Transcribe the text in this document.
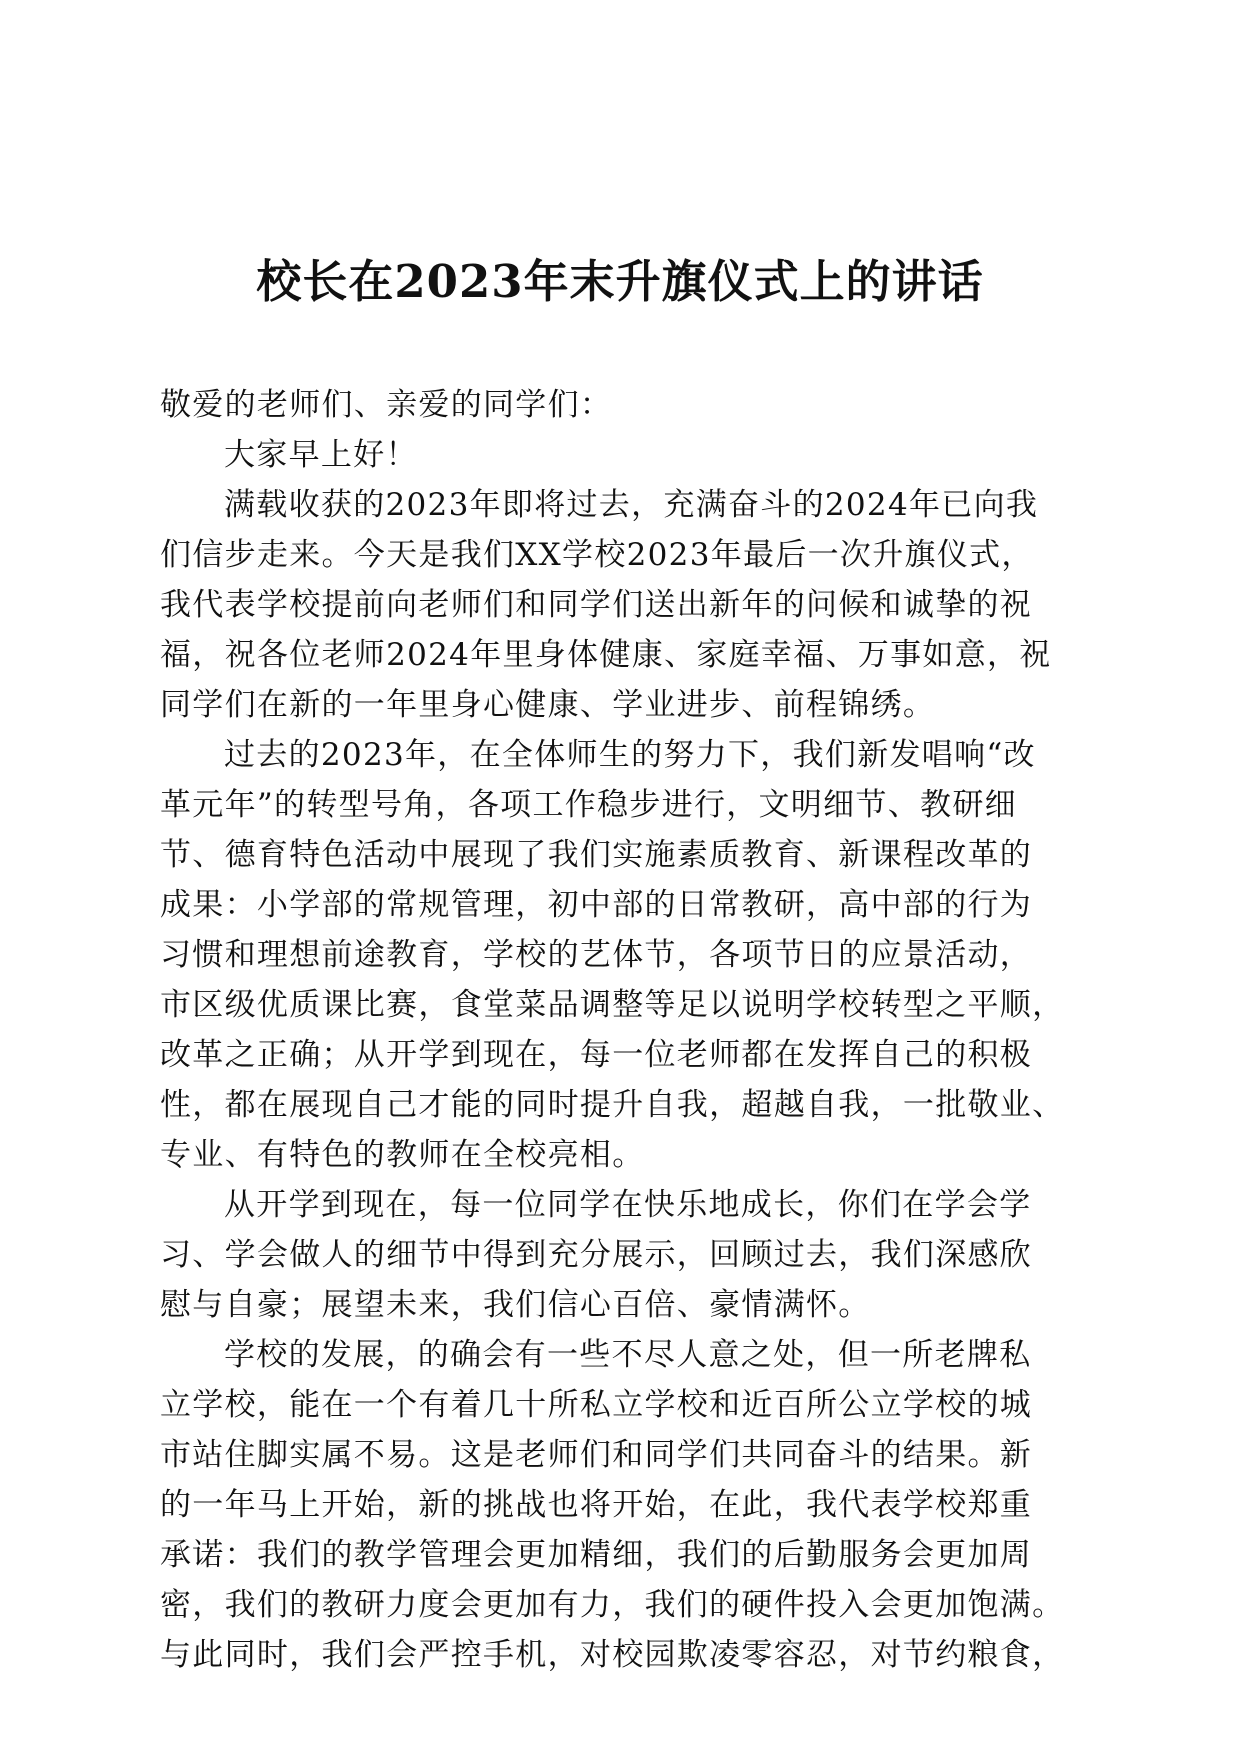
校长在2023年末升旗仪式上的讲话
敬爱的老师们、亲爱的同学们：
大家早上好！
满载收获的2023年即将过去，充满奋斗的2024年已向我
们信步走来。今天是我们XX学校2023年最后一次升旗仪式，
我代表学校提前向老师们和同学们送出新年的问候和诚挚的祝
福，祝各位老师2024年里身体健康、家庭幸福、万事如意，祝
同学们在新的一年里身心健康、学业进步、前程锦绣。
过去的2023年，在全体师生的努力下，我们新发唱响“改
革元年”的转型号角，各项工作稳步进行，文明细节、教研细
节、德育特色活动中展现了我们实施素质教育、新课程改革的
成果：小学部的常规管理，初中部的日常教研，高中部的行为
习惯和理想前途教育，学校的艺体节，各项节日的应景活动，
市区级优质课比赛，食堂菜品调整等足以说明学校转型之平顺，
改革之正确；从开学到现在，每一位老师都在发挥自己的积极
性，都在展现自己才能的同时提升自我，超越自我，一批敬业、
专业、有特色的教师在全校亮相。
从开学到现在，每一位同学在快乐地成长，你们在学会学
习、学会做人的细节中得到充分展示，回顾过去，我们深感欣
慰与自豪；展望未来，我们信心百倍、豪情满怀。
学校的发展，的确会有一些不尽人意之处，但一所老牌私
立学校，能在一个有着几十所私立学校和近百所公立学校的城
市站住脚实属不易。这是老师们和同学们共同奋斗的结果。新
的一年马上开始，新的挑战也将开始，在此，我代表学校郑重
承诺：我们的教学管理会更加精细，我们的后勤服务会更加周
密，我们的教研力度会更加有力，我们的硬件投入会更加饱满。
与此同时，我们会严控手机，对校园欺凌零容忍，对节约粮食，
